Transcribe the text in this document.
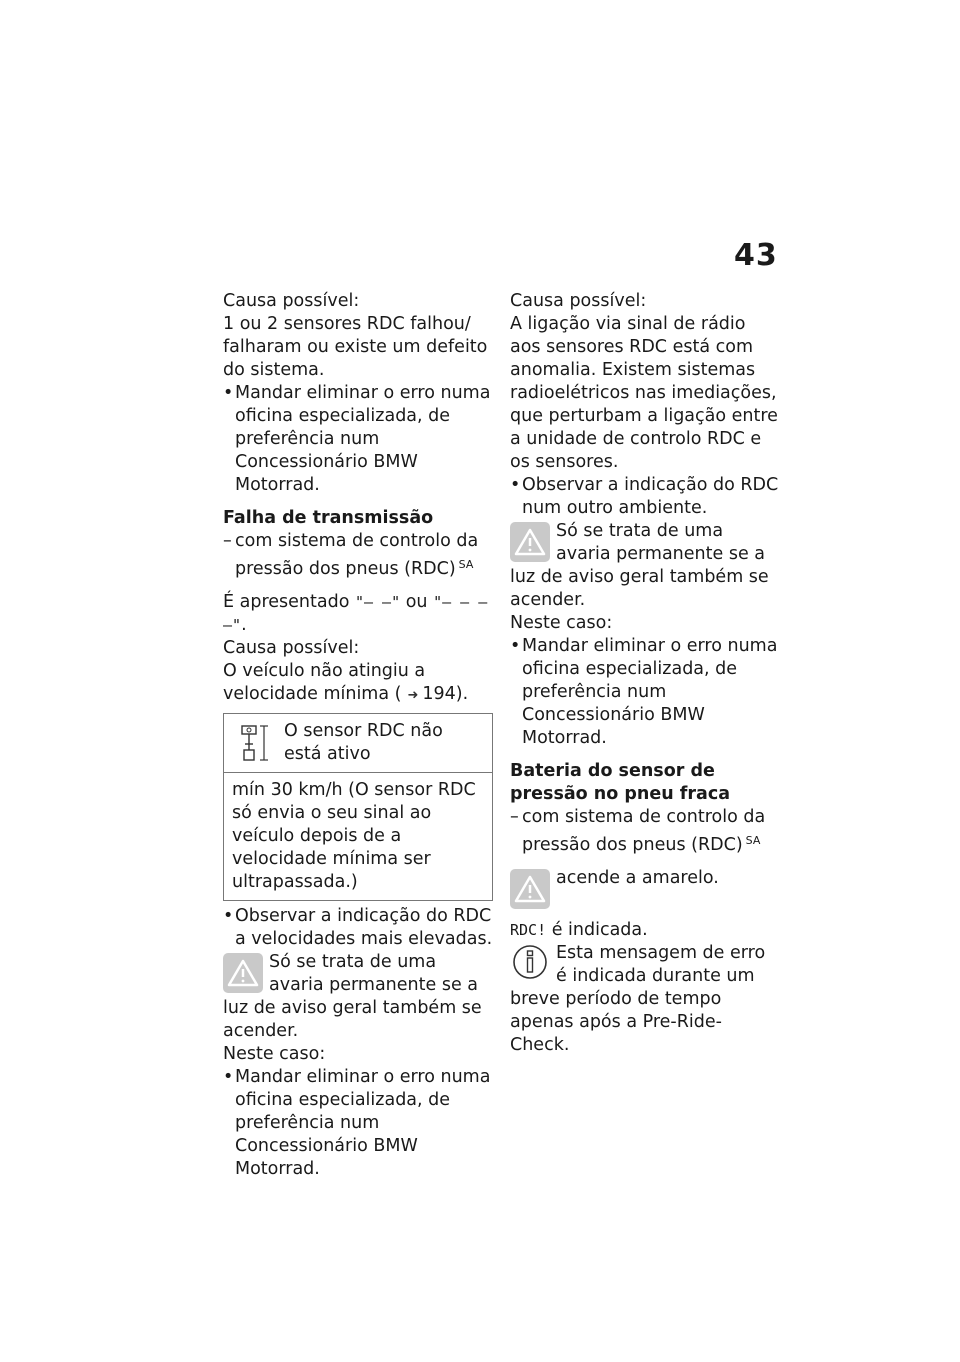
43

Causa possível:

1 ou 2 sensores RDC falhou/ falharam ou existe um defeito do sistema.

• Mandar eliminar o erro numa oficina especializada, de preferência num Concessionário BMW Motorrad.

Falha de transmissão

– com sistema de controlo da pressão dos pneus (RDC) $^{SA}$

É apresentado "– –" ou "– – – –".

Causa possível:

O veículo não atingiu a velocidade mínima ( ➜ 194).

O sensor RDC não está ativo
mín 30 km/h (O sensor RDC só envia o seu sinal ao veículo depois de a velocidade mínima ser ultrapassada.)

• Observar a indicação do RDC a velocidades mais elevadas.

Só se trata de uma avaria permanente se a luz de aviso geral também se acender.

Neste caso:

• Mandar eliminar o erro numa oficina especializada, de preferência num Concessionário BMW Motorrad.

Causa possível:

A ligação via sinal de rádio aos sensores RDC está com anomalia. Existem sistemas radioelétricos nas imediações, que perturbam a ligação entre a unidade de controlo RDC e os sensores.

• Observar a indicação do RDC num outro ambiente.

Só se trata de uma avaria permanente se a luz de aviso geral também se acender.

Neste caso:

• Mandar eliminar o erro numa oficina especializada, de preferência num Concessionário BMW Motorrad.

Bateria do sensor de pressão no pneu fraca

– com sistema de controlo da pressão dos pneus (RDC) $^{SA}$

acende a amarelo.

RDC! é indicada.

Esta mensagem de erro é indicada durante um breve período de tempo apenas após a Pre-Ride-Check.
